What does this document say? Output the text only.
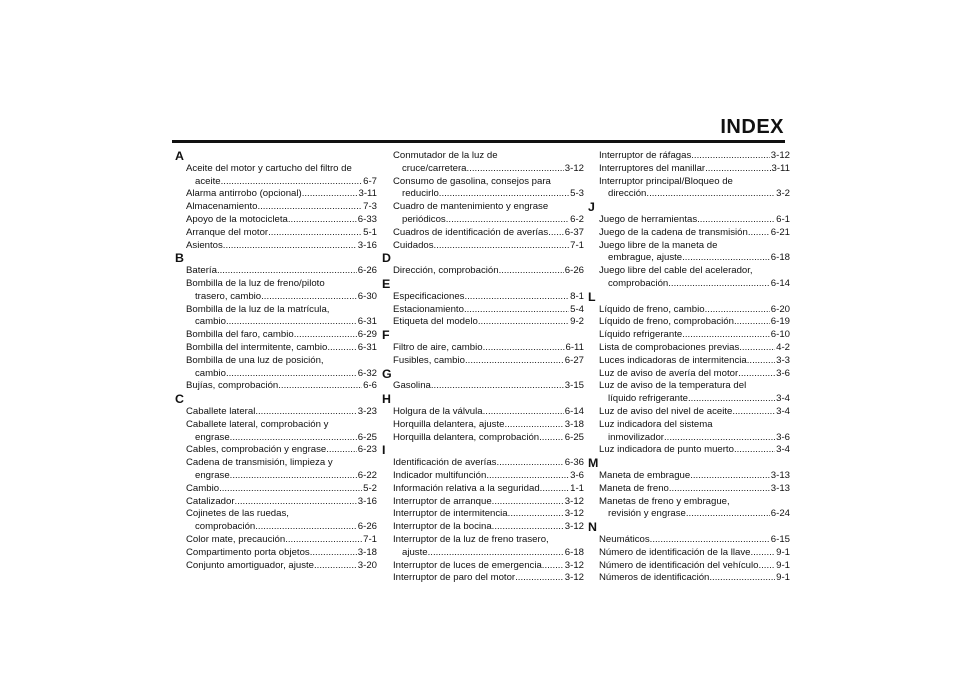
INDEX
A
Aceite del motor y cartucho del filtro de
aceite .....	6-7
Alarma antirrobo (opcional) .....	3-11
Almacenamiento .....	7-3
Apoyo de la motocicleta .....	6-33
Arranque del motor .....	5-1
Asientos .....	3-16
B
Batería .....	6-26
Bombilla de la luz de freno/piloto
trasero, cambio .....	6-30
Bombilla de la luz de la matrícula,
cambio .....	6-31
Bombilla del faro, cambio .....	6-29
Bombilla del intermitente, cambio .....	6-31
Bombilla de una luz de posición,
cambio .....	6-32
Bujías, comprobación .....	6-6
C
Caballete lateral .....	3-23
Caballete lateral, comprobación y
engrase .....	6-25
Cables, comprobación y engrase .....	6-23
Cadena de transmisión, limpieza y
engrase .....	6-22
Cambio .....	5-2
Catalizador .....	3-16
Cojinetes de las ruedas,
comprobación .....	6-26
Color mate, precaución .....	7-1
Compartimento porta objetos .....	3-18
Conjunto amortiguador, ajuste .....	3-20
Conmutador de la luz de
cruce/carretera .....	3-12
Consumo de gasolina, consejos para
reducirlo .....	5-3
Cuadro de mantenimiento y engrase
periódicos .....	6-2
Cuadros de identificación de averías ..... 6-37
Cuidados .....	7-1
D
Dirección, comprobación .....	6-26
E
Especificaciones .....	8-1
Estacionamiento .....	5-4
Etiqueta del modelo .....	9-2
F
Filtro de aire, cambio .....	6-11
Fusibles, cambio .....	6-27
G
Gasolina .....	3-15
H
Holgura de la válvula .....	6-14
Horquilla delantera, ajuste .....	3-18
Horquilla delantera, comprobación .....	6-25
I
Identificación de averías .....	6-36
Indicador multifunción .....	3-6
Información relativa a la seguridad .....	1-1
Interruptor de arranque .....	3-12
Interruptor de intermitencia .....	3-12
Interruptor de la bocina .....	3-12
Interruptor de la luz de freno trasero,
ajuste .....	6-18
Interruptor de luces de emergencia ..... 3-12
Interruptor de paro del motor .....	3-12
Interruptor de ráfagas .....	3-12
Interruptores del manillar .....	3-11
Interruptor principal/Bloqueo de
dirección .....	3-2
J
Juego de herramientas .....	6-1
Juego de la cadena de transmisión ..... 6-21
Juego libre de la maneta de
embrague, ajuste .....	6-18
Juego libre del cable del acelerador,
comprobación .....	6-14
L
Líquido de freno, cambio .....	6-20
Líquido de freno, comprobación .....	6-19
Líquido refrigerante .....	6-10
Lista de comprobaciones previas .....	4-2
Luces indicadoras de intermitencia .....	3-3
Luz de aviso de avería del motor .....	3-6
Luz de aviso de la temperatura del
líquido refrigerante .....	3-4
Luz de aviso del nivel de aceite .....	3-4
Luz indicadora del sistema
inmovilizador .....	3-6
Luz indicadora de punto muerto .....	3-4
M
Maneta de embrague .....	3-13
Maneta de freno .....	3-13
Manetas de freno y embrague,
revisión y engrase .....	6-24
N
Neumáticos .....	6-15
Número de identificación de la llave .....	9-1
Número de identificación del vehículo ..... 9-1
Números de identificación .....	9-1
